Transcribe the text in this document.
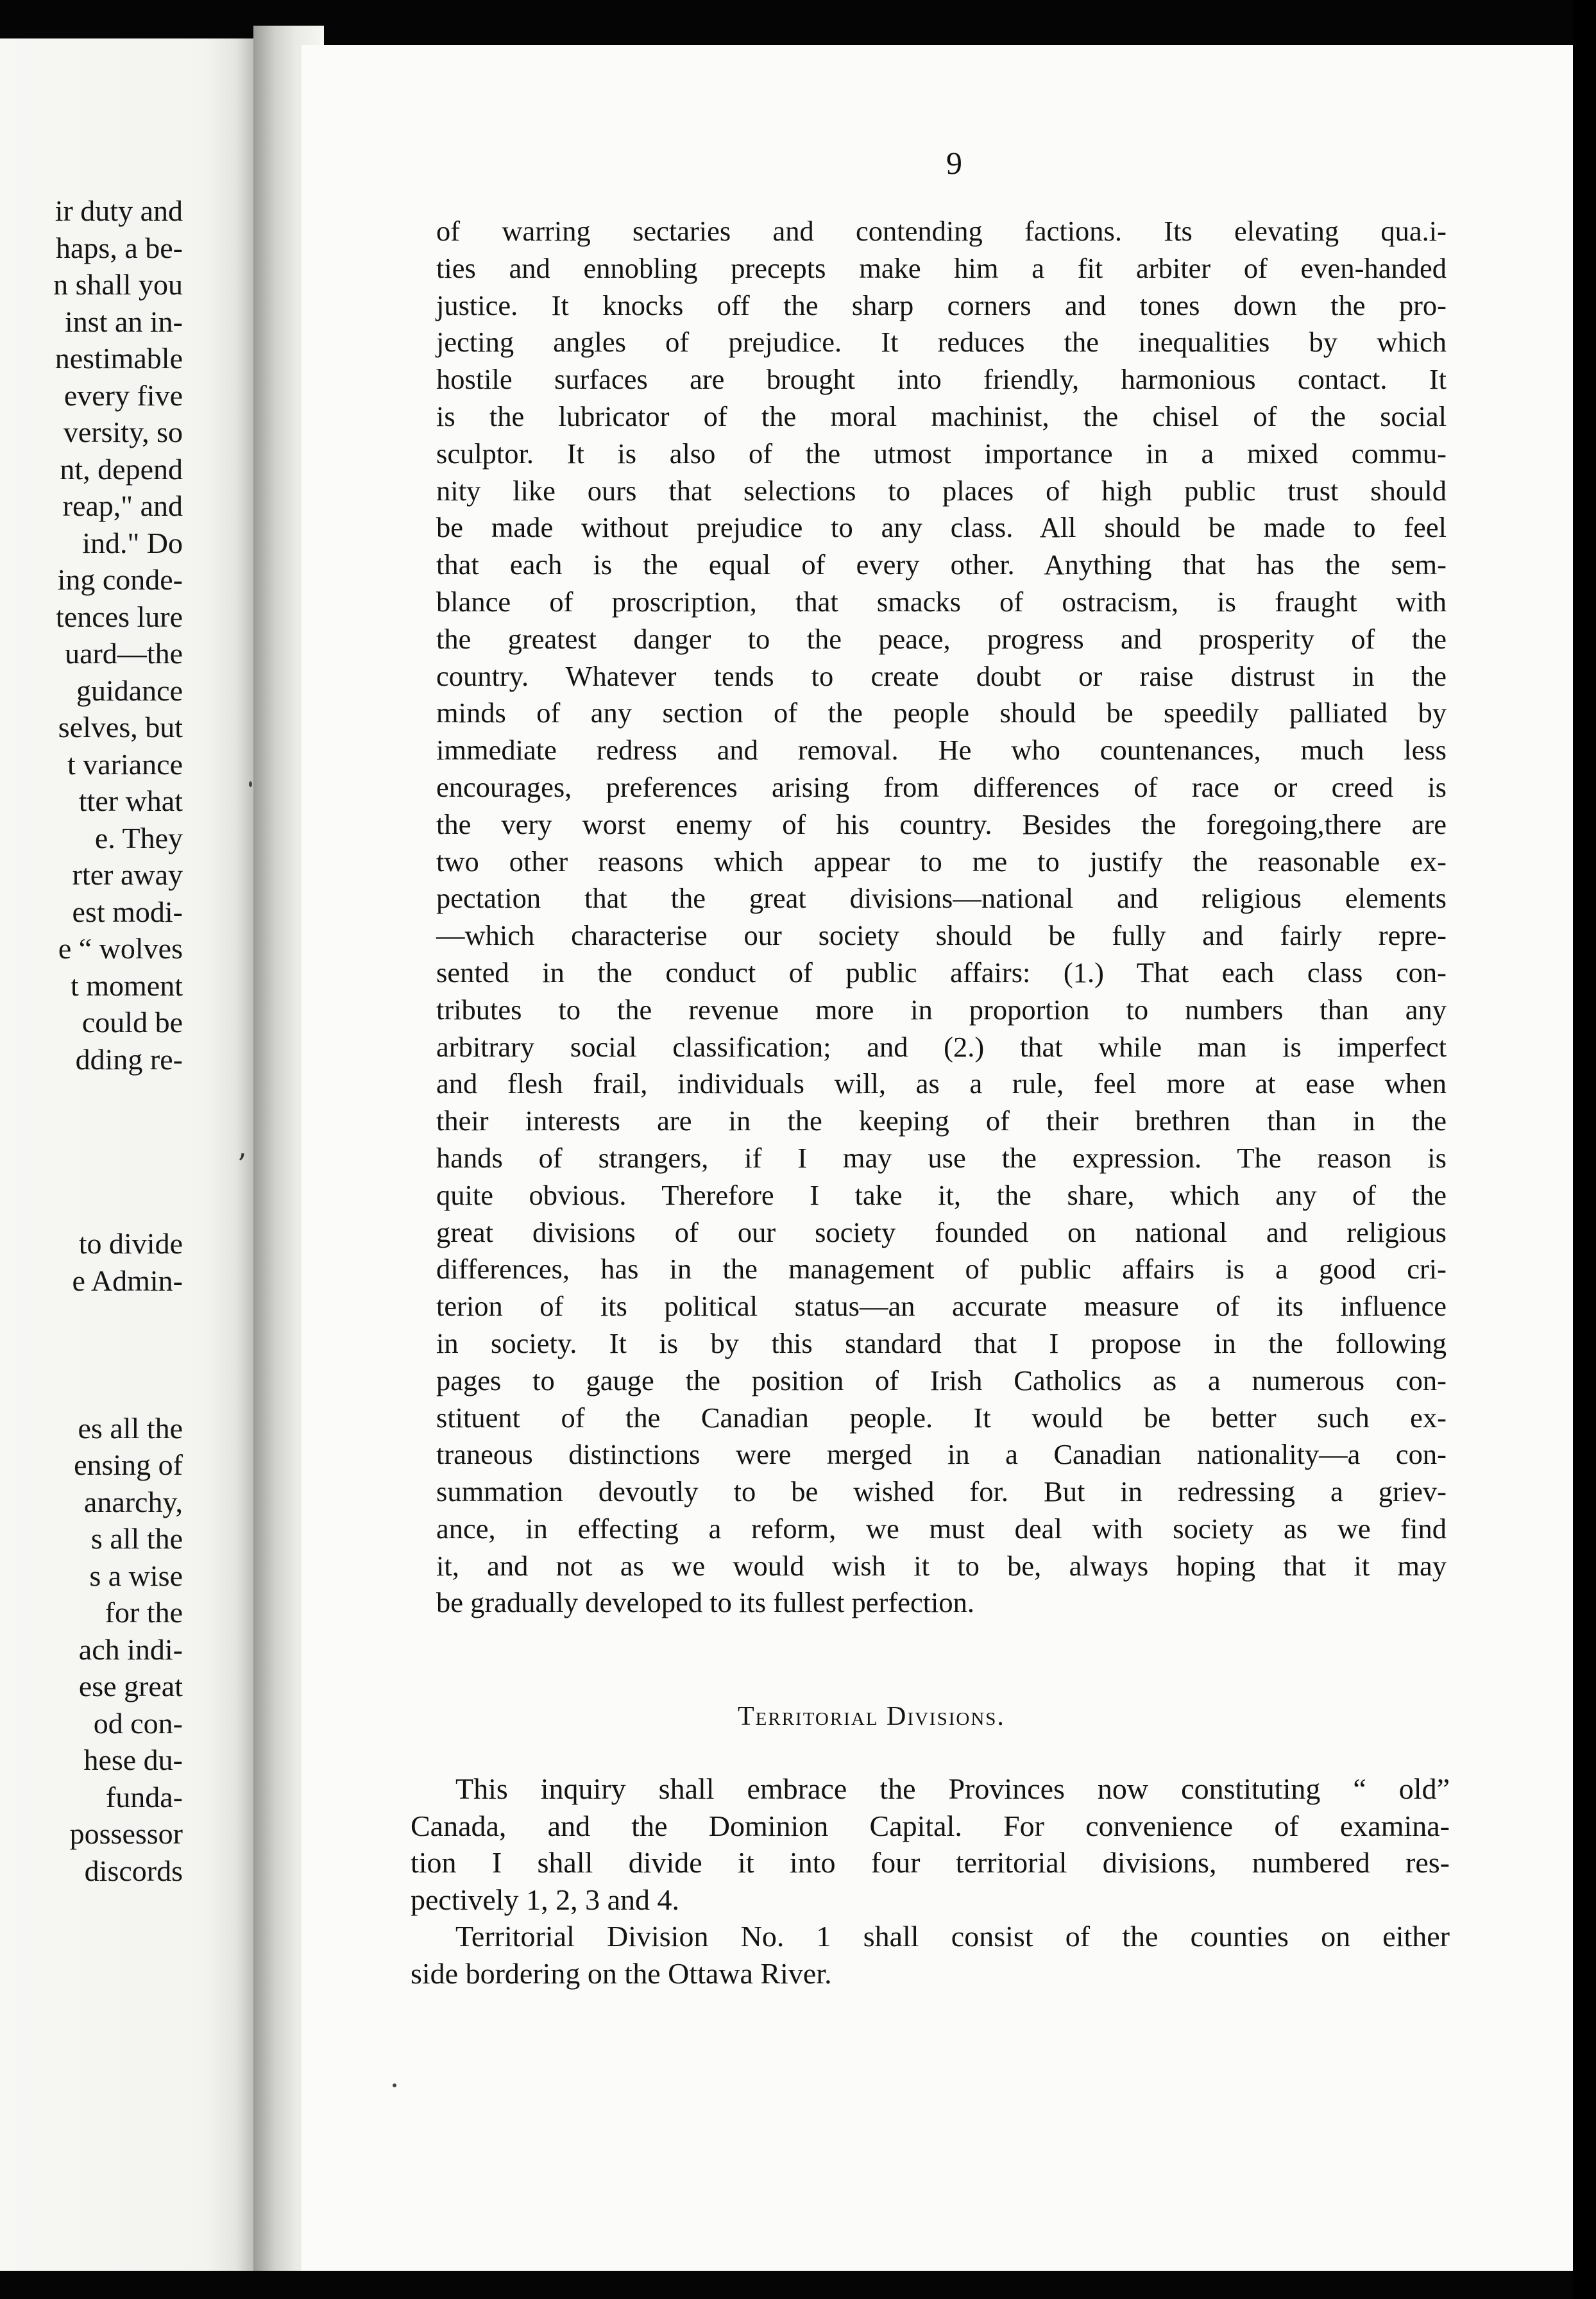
ir duty and
haps, a be-
n shall you
inst an in-
nestimable
every five
versity, so
nt, depend
reap," and
ind." Do
ing conde-
tences lure
uard—the
guidance
selves, but
t variance
tter what
e. They
rter away
est modi-
e “ wolves
t moment
could be
dding re-
to divide
e Admin-
es all the
ensing of
anarchy,
s all the
s a wise
for the
ach indi-
ese great
od con-
hese du-
funda-
possessor
discords
9
of warring sectaries and contending factions. Its elevating qua.i-
ties and ennobling precepts make him a fit arbiter of even-handed
justice. It knocks off the sharp corners and tones down the pro-
jecting angles of prejudice. It reduces the inequalities by which
hostile surfaces are brought into friendly, harmonious contact. It
is the lubricator of the moral machinist, the chisel of the social
sculptor. It is also of the utmost importance in a mixed commu-
nity like ours that selections to places of high public trust should
be made without prejudice to any class. All should be made to feel
that each is the equal of every other. Anything that has the sem-
blance of proscription, that smacks of ostracism, is fraught with
the greatest danger to the peace, progress and prosperity of the
country. Whatever tends to create doubt or raise distrust in the
minds of any section of the people should be speedily palliated by
immediate redress and removal. He who countenances, much less
encourages, preferences arising from differences of race or creed is
the very worst enemy of his country. Besides the foregoing,there are
two other reasons which appear to me to justify the reasonable ex-
pectation that the great divisions—national and religious elements
—which characterise our society should be fully and fairly repre-
sented in the conduct of public affairs: (1.) That each class con-
tributes to the revenue more in proportion to numbers than any
arbitrary social classification; and (2.) that while man is imperfect
and flesh frail, individuals will, as a rule, feel more at ease when
their interests are in the keeping of their brethren than in the
hands of strangers, if I may use the expression. The reason is
quite obvious. Therefore I take it, the share, which any of the
great divisions of our society founded on national and religious
differences, has in the management of public affairs is a good cri-
terion of its political status—an accurate measure of its influence
in society. It is by this standard that I propose in the following
pages to gauge the position of Irish Catholics as a numerous con-
stituent of the Canadian people. It would be better such ex-
traneous distinctions were merged in a Canadian nationality—a con-
summation devoutly to be wished for. But in redressing a griev-
ance, in effecting a reform, we must deal with society as we find
it, and not as we would wish it to be, always hoping that it may
be gradually developed to its fullest perfection.
Territorial Divisions.
This inquiry shall embrace the Provinces now constituting “ old”
Canada, and the Dominion Capital. For convenience of examina-
tion I shall divide it into four territorial divisions, numbered res-
pectively 1, 2, 3 and 4.
Territorial Division No. 1 shall consist of the counties on either
side bordering on the Ottawa River.
’
